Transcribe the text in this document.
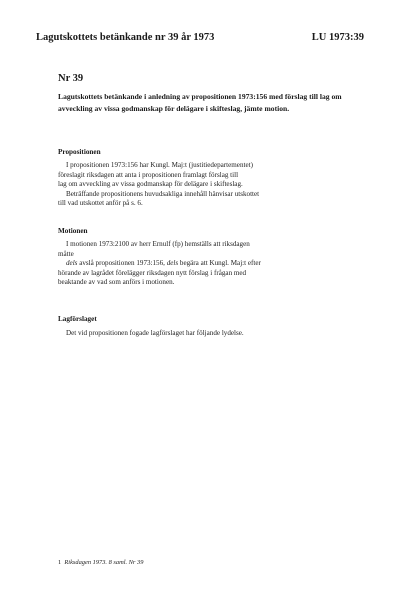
Lagutskottets betänkande nr 39 år 1973	LU 1973:39
Nr 39
Lagutskottets betänkande i anledning av propositionen 1973:156 med förslag till lag om avveckling av vissa godmanskap för delägare i skifteslag, jämte motion.
Propositionen
I propositionen 1973:156 har Kungl. Maj:t (justitiedepartementet)
föreslagit riksdagen att anta i propositionen framlagt förslag till
lag om avveckling av vissa godmanskap för delägare i skifteslag.
Beträffande propositionens huvudsakliga innehåll hänvisar utskottet
till vad utskottet anför på s. 6.
Motionen
I motionen 1973:2100 av herr Ernulf (fp) hemställs att riksdagen
måtte
dels avslå propositionen 1973:156, dels begära att Kungl. Maj:t efter
hörande av lagrådet förelägger riksdagen nytt förslag i frågan med
beaktande av vad som anförs i motionen.
Lagförslaget
Det vid propositionen fogade lagförslaget har följande lydelse.
1 Riksdagen 1973. 8 saml. Nr 39
